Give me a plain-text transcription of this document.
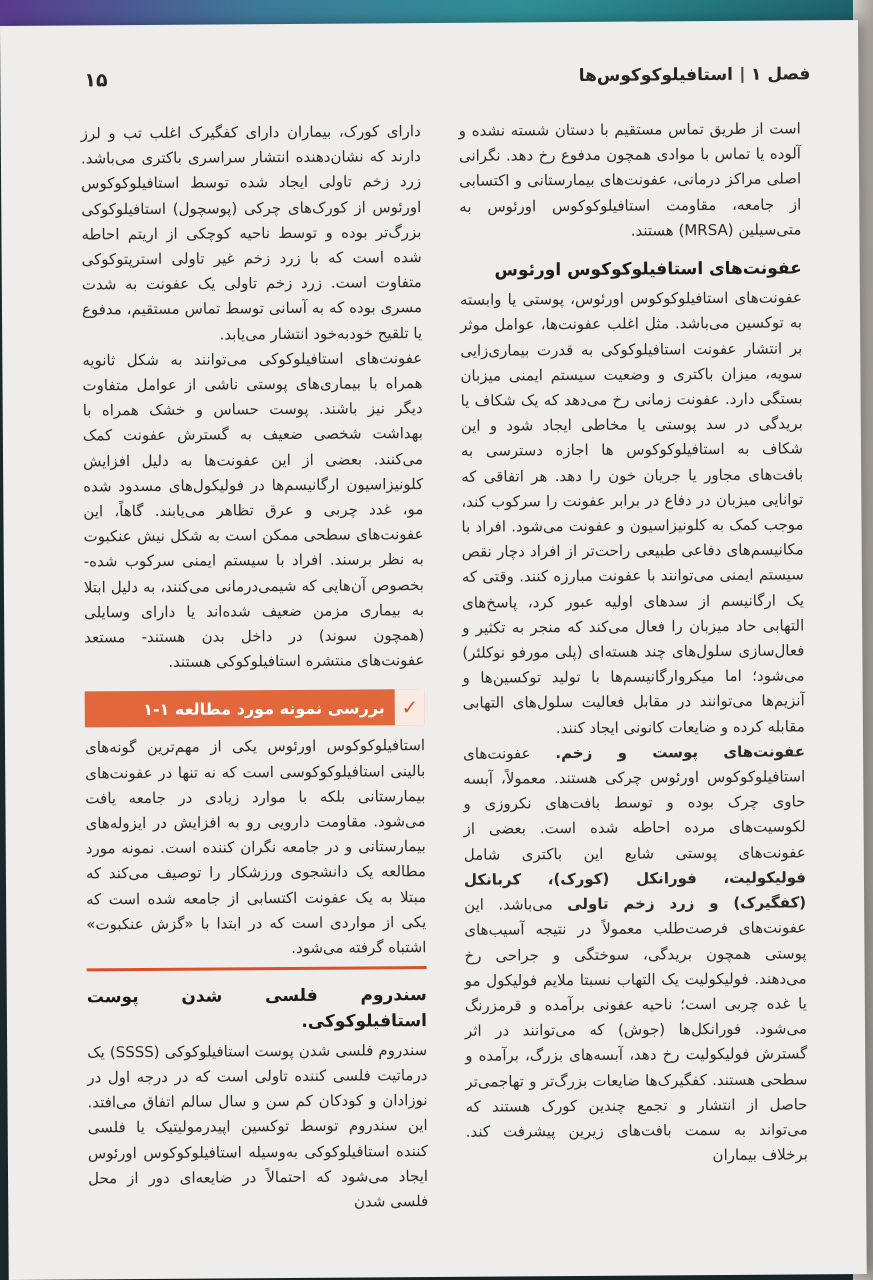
فصل ۱استافیلوکوکوس‌ها
۱۵

است از طریق تماس مستقیم با دستان شسته نشده و آلوده یا تماس با موادی همچون مدفوع رخ دهد. نگرانی اصلی مراکز درمانی، عفونت‌های بیمارستانی و اکتسابی از جامعه، مقاومت استافیلوکوکوس اورئوس به متی‌سیلین (MRSA) هستند.

عفونت‌های استافیلوکوکوس اورئوس

عفونت‌های استافیلوکوکوس اورئوس، پوستی یا وابسته به توکسین می‌باشد. مثل اغلب عفونت‌ها، عوامل موثر بر انتشار عفونت استافیلوکوکی به قدرت بیماری‌زایی سویه، میزان باکتری و وضعیت سیستم ایمنی میزبان بستگی دارد. عفونت زمانی رخ می‌دهد که یک شکاف یا بریدگی در سد پوستی یا مخاطی ایجاد شود و این شکاف به استافیلوکوکوس ها اجازه دسترسی به بافت‌های مجاور یا جریان خون را دهد. هر اتفاقی که توانایی میزبان در دفاع در برابر عفونت را سرکوب کند، موجب کمک به کلونیزاسیون و عفونت می‌شود. افراد با مکانیسم‌های دفاعی طبیعی راحت‌تر از افراد دچار نقص سیستم ایمنی می‌توانند با عفونت مبارزه کنند. وقتی که یک ارگانیسم از سدهای اولیه عبور کرد، پاسخ‌های التهابی حاد میزبان را فعال می‌کند که منجر به تکثیر و فعال‌سازی سلول‌های چند هسته‌ای (پلی مورفو نوکلئر) می‌شود؛ اما میکروارگانیسم‌ها با تولید توکسین‌ها و آنزیم‌ها می‌توانند در مقابل فعالیت سلول‌های التهابی مقابله کرده و ضایعات کانونی ایجاد کنند.

عفونت‌های پوست و زخم. عفونت‌های استافیلوکوکوس اورئوس چرکی هستند. معمولاً، آبسه حاوی چرک بوده و توسط بافت‌های نکروزی و لکوسیت‌های مرده احاطه شده است. بعضی از عفونت‌های پوستی شایع این باکتری شامل فولیکولیت، فورانکل (کورک)، کربانکل (کفگیرک) و زرد زخم تاولی می‌باشد. این عفونت‌های فرصت‌طلب معمولاً در نتیجه آسیب‌های پوستی همچون بریدگی، سوختگی و جراحی رخ می‌دهند. فولیکولیت یک التهاب نسبتا ملایم فولیکول مو یا غده چربی است؛ ناحیه عفونی برآمده و قرمزرنگ می‌شود. فورانکل‌ها (جوش) که می‌توانند در اثر گسترش فولیکولیت رخ دهد، آبسه‌های بزرگ، برآمده و سطحی هستند. کفگیرک‌ها ضایعات بزرگ‌تر و تهاجمی‌تر حاصل از انتشار و تجمع چندین کورک هستند که می‌تواند به سمت بافت‌های زیرین پیشرفت کند. برخلاف بیماران

دارای کورک، بیماران دارای کفگیرک اغلب تب و لرز دارند که نشان‌دهنده انتشار سراسری باکتری می‌باشد. زرد زخم تاولی ایجاد شده توسط استافیلوکوکوس اورئوس از کورک‌های چرکی (پوسچول) استافیلوکوکی بزرگ‌تر بوده و توسط ناحیه کوچکی از اریتم احاطه شده است که با زرد زخم غیر تاولی استرپتوکوکی متفاوت است. زرد زخم تاولی یک عفونت به شدت مسری بوده که به آسانی توسط تماس مستقیم، مدفوع یا تلقیح خودبه‌خود انتشار می‌یابد.

عفونت‌های استافیلوکوکی می‌توانند به شکل ثانویه همراه با بیماری‌های پوستی ناشی از عوامل متفاوت دیگر نیز باشند. پوست حساس و خشک همراه با بهداشت شخصی ضعیف به گسترش عفونت کمک می‌کنند. بعضی از این عفونت‌ها به دلیل افزایش کلونیزاسیون ارگانیسم‌ها در فولیکول‌های مسدود شده مو، غدد چربی و عرق تظاهر می‌یابند. گاهاً، این عفونت‌های سطحی ممکن است به شکل نیش عنکبوت به نظر برسند. افراد با سیستم ایمنی سرکوب شده- بخصوص آن‌هایی که شیمی‌درمانی می‌کنند، به دلیل ابتلا به بیماری مزمن ضعیف شده‌اند یا دارای وسایلی (همچون سوند) در داخل بدن هستند- مستعد عفونت‌های منتشره استافیلوکوکی هستند.

✓
بررسی نمونه مورد مطالعه ۱-۱

استافیلوکوکوس اورئوس یکی از مهم‌ترین گونه‌های بالینی استافیلوکوکوسی است که نه تنها در عفونت‌های بیمارستانی بلکه با موارد زیادی در جامعه یافت می‌شود. مقاومت دارویی رو به افزایش در ایزوله‌های بیمارستانی و در جامعه نگران کننده است. نمونه مورد مطالعه یک دانشجوی ورزشکار را توصیف می‌کند که مبتلا به یک عفونت اکتسابی از جامعه شده است که یکی از مواردی است که در ابتدا با «گزش عنکبوت» اشتباه گرفته می‌شود.

سندروم فلسی شدن پوست استافیلوکوکی.

سندروم فلسی شدن پوست استافیلوکوکی (SSSS) یک درماتیت فلسی کننده تاولی است که در درجه اول در نوزادان و کودکان کم سن و سال سالم اتفاق می‌افتد. این سندروم توسط توکسین اپیدرمولیتیک یا فلسی کننده استافیلوکوکی به‌وسیله استافیلوکوکوس اورئوس ایجاد می‌شود که احتمالاً در ضایعه‌ای دور از محل فلسی شدن
